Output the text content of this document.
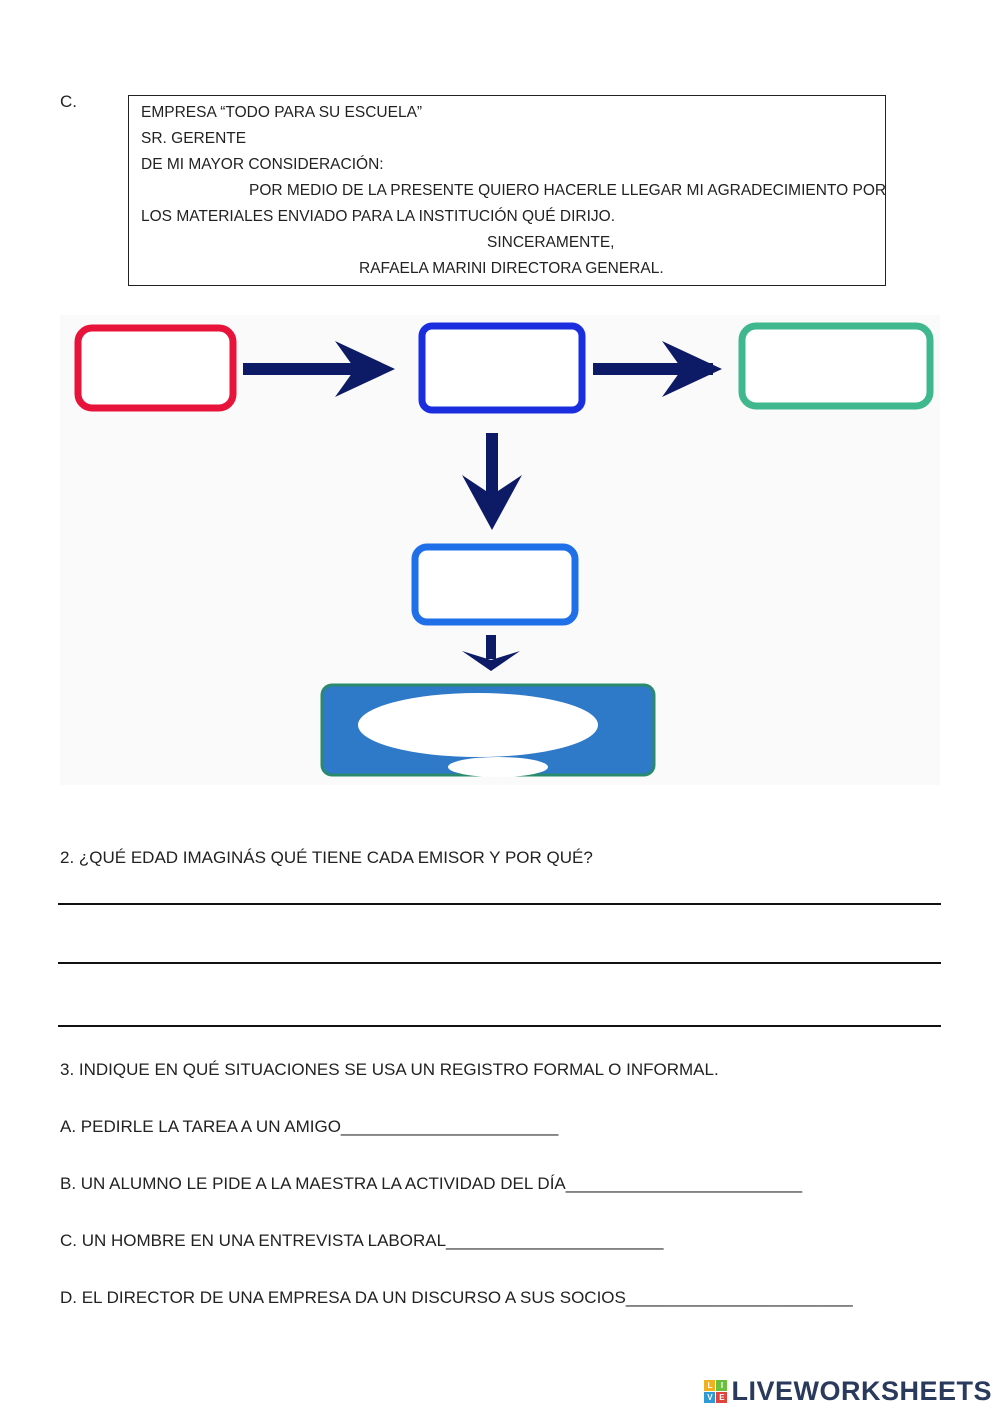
C.
EMPRESA “TODO PARA SU ESCUELA”
SR. GERENTE
DE MI MAYOR CONSIDERACIÓN:
POR MEDIO DE LA PRESENTE QUIERO HACERLE LLEGAR MI AGRADECIMIENTO POR
LOS MATERIALES ENVIADO PARA LA INSTITUCIÓN QUÉ DIRIJO.
SINCERAMENTE,
RAFAELA MARINI DIRECTORA GENERAL.
2. ¿QUÉ EDAD IMAGINÁS QUÉ TIENE CADA EMISOR Y POR QUÉ?
3. INDIQUE EN QUÉ SITUACIONES SE USA UN REGISTRO FORMAL O INFORMAL.
A. PEDIRLE LA TAREA A UN AMIGO_______________________
B. UN ALUMNO LE PIDE A LA MAESTRA LA ACTIVIDAD DEL DÍA_________________________
C. UN HOMBRE EN UNA ENTREVISTA LABORAL_______________________
D. EL DIRECTOR DE UNA EMPRESA DA UN DISCURSO A SUS SOCIOS________________________
L	I
V E LIVEWORKSHEETS
